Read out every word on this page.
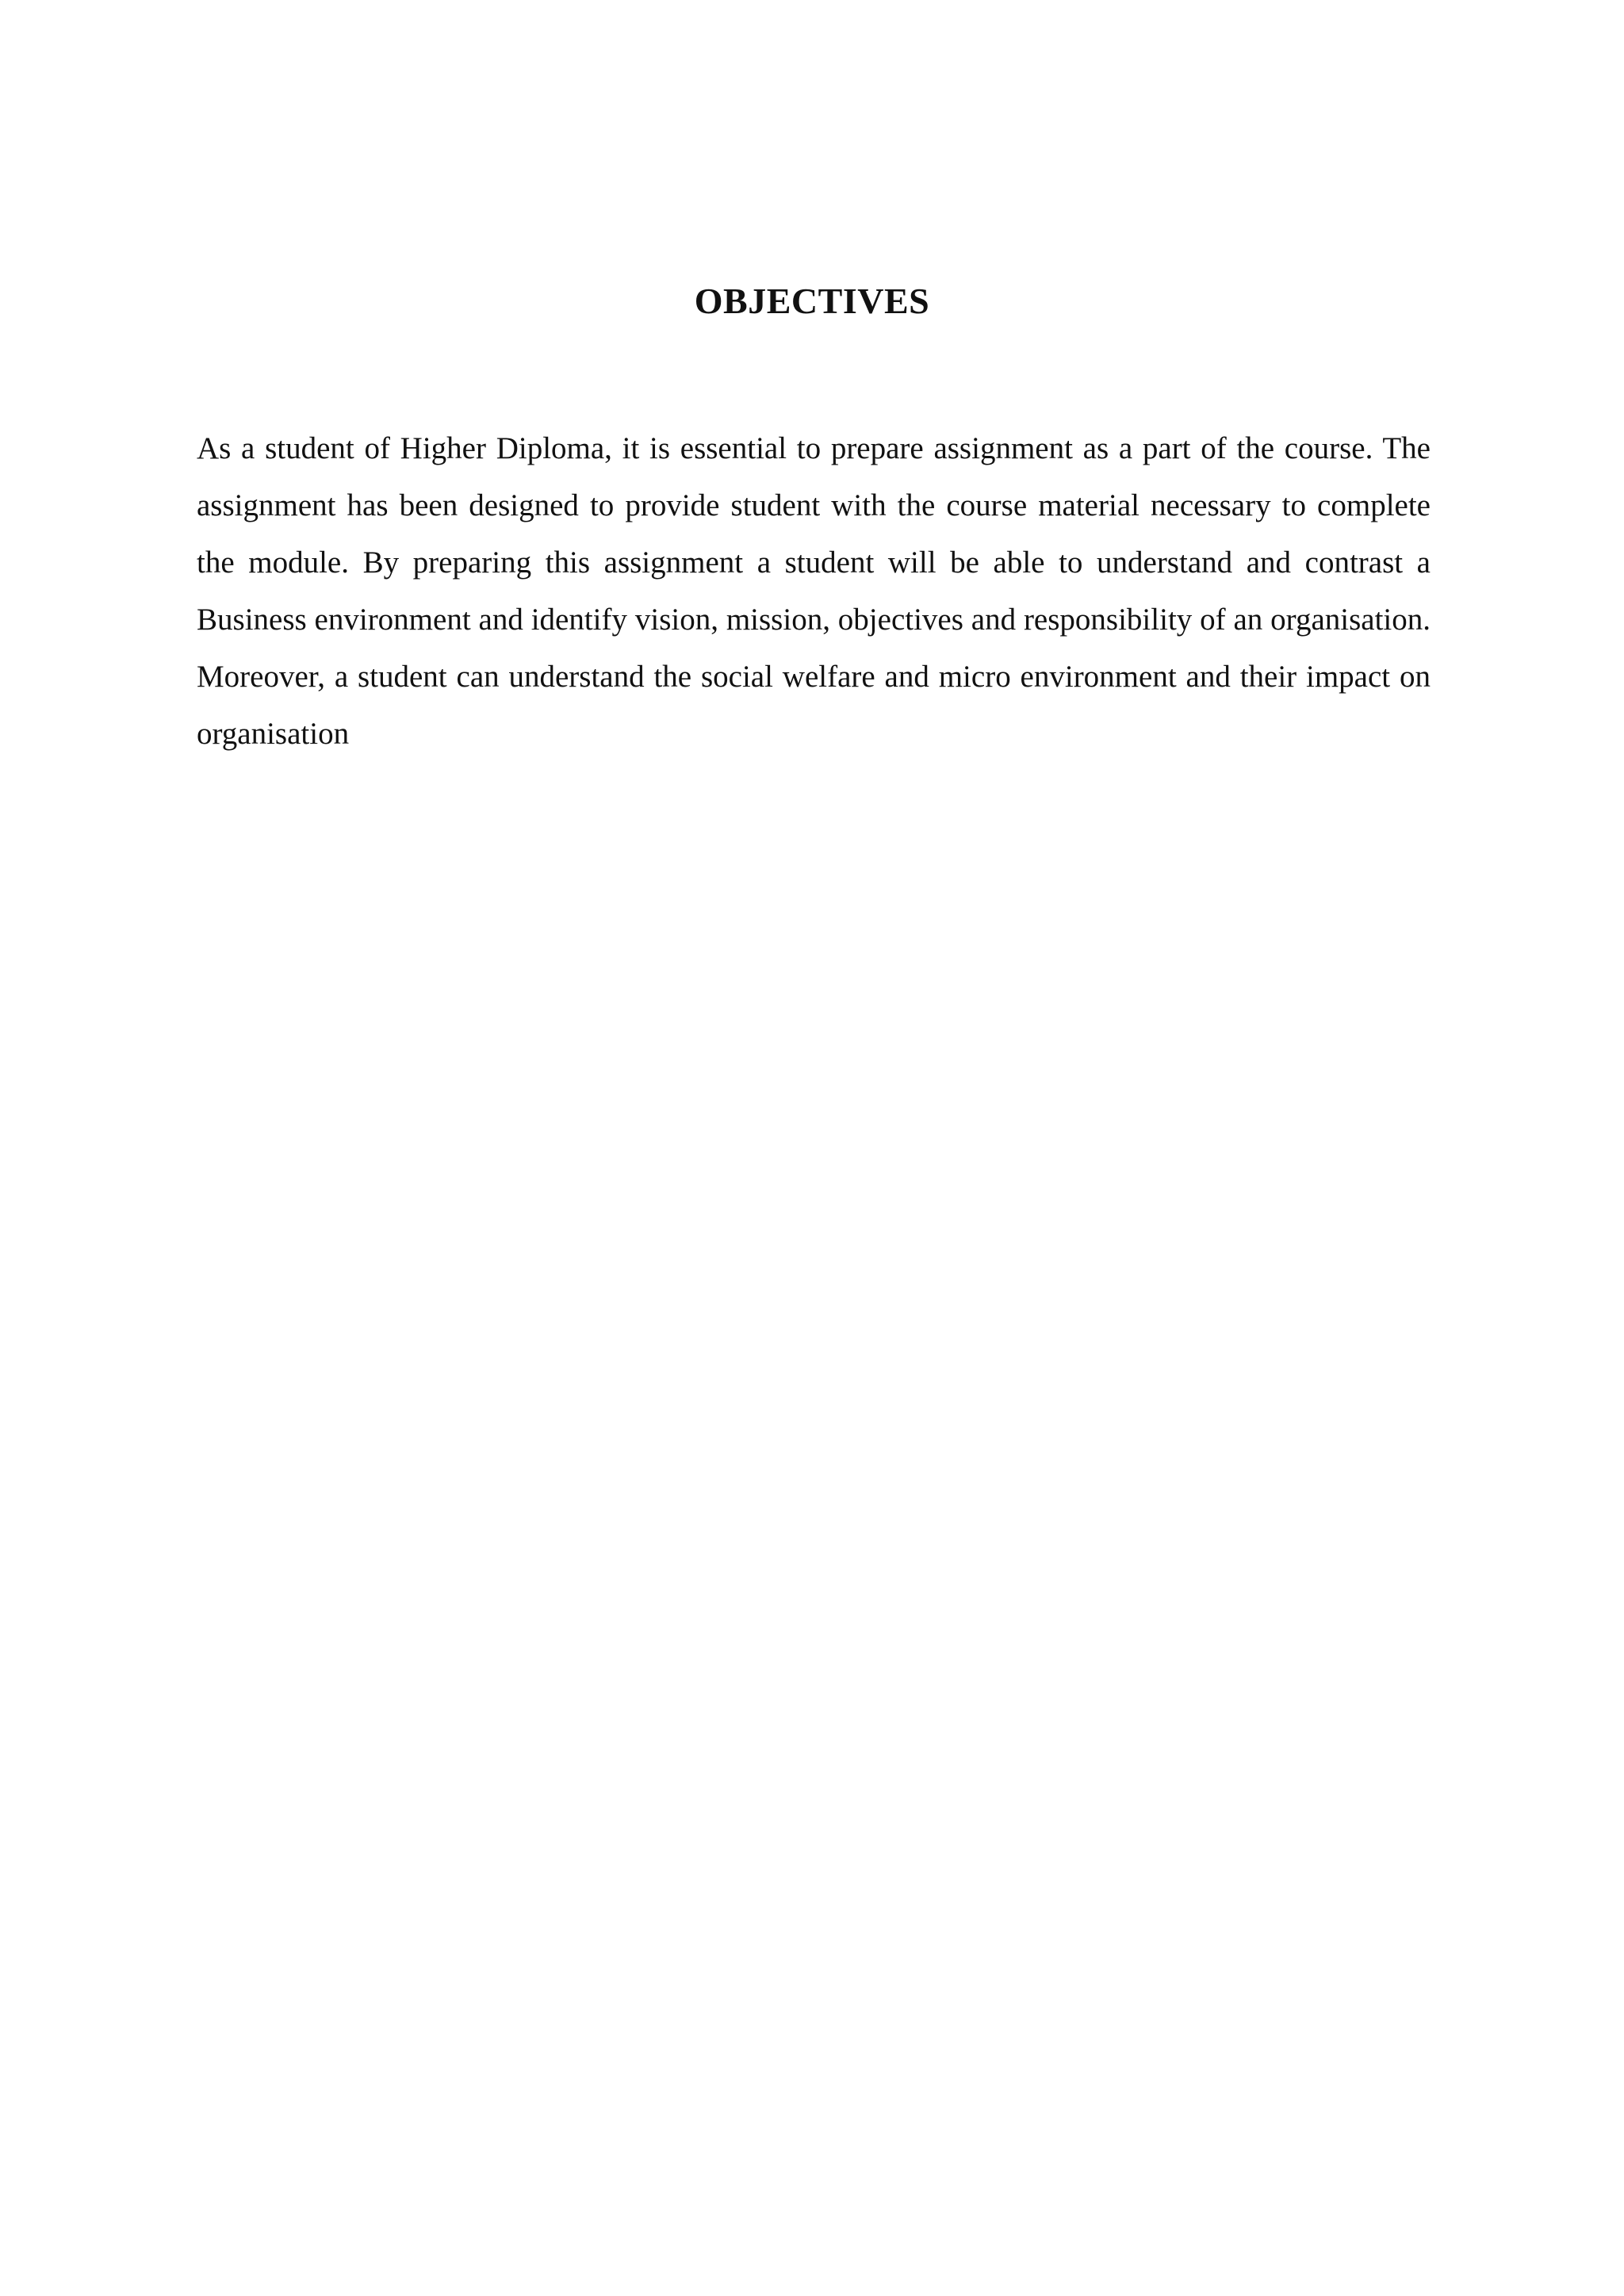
OBJECTIVES

As a student of Higher Diploma, it is essential to prepare assignment as a part of the course. The assignment has been designed to provide student with the course material necessary to complete the module. By preparing this assignment a student will be able to understand and contrast a Business environment and identify vision, mission, objectives and responsibility of an organisation. Moreover, a student can understand the social welfare and micro environment and their impact on organisation
